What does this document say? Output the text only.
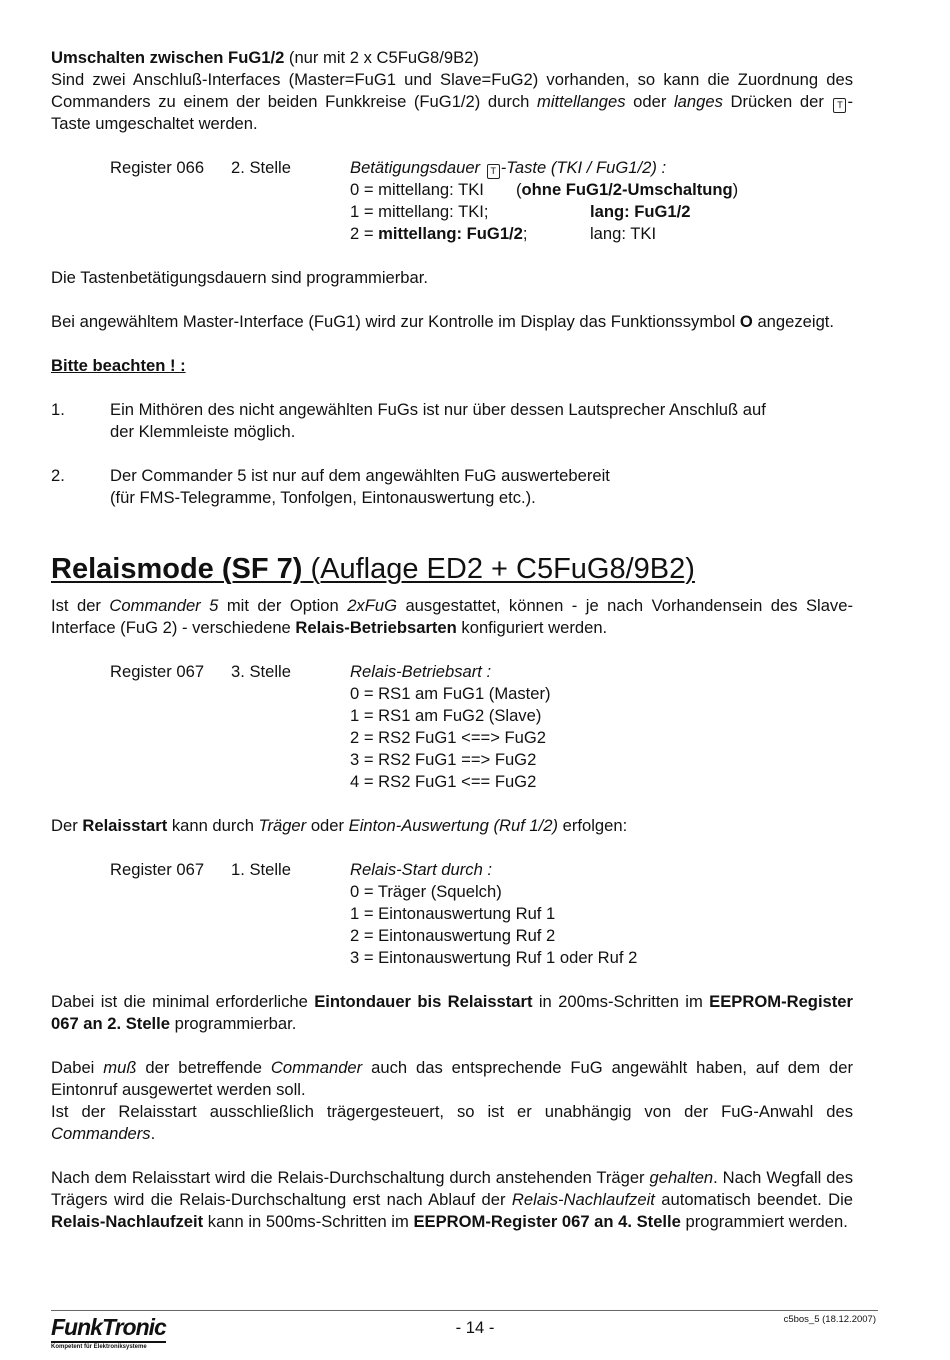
Umschalten zwischen FuG1/2 (nur mit 2 x C5FuG8/9B2)

Sind zwei Anschluß-Interfaces (Master=FuG1 und Slave=FuG2) vorhanden, so kann die Zuordnung des Commanders zu einem der beiden Funkkreise (FuG1/2) durch mittellanges oder langes Drücken der T -Taste umgeschaltet werden.

Register 066	2. Stelle	Betätigungsdauer T -Taste (TKI / FuG1/2) :

0 = mittellang: TKI	(ohne FuG1/2-Umschaltung)
1 = mittellang: TKI;	lang: FuG1/2
2 = mittellang: FuG1/2;	lang: TKI

Die Tastenbetätigungsdauern sind programmierbar.

Bei angewähltem Master-Interface (FuG1) wird zur Kontrolle im Display das Funktionssymbol O angezeigt.

Bitte beachten ! :

1.	Ein Mithören des nicht angewählten FuGs ist nur über dessen Lautsprecher Anschluß auf

der Klemmleiste möglich.

2.	Der Commander 5 ist nur auf dem angewählten FuG auswertebereit

(für FMS-Telegramme, Tonfolgen, Eintonauswertung etc.).

Relaismode (SF 7) (Auflage ED2 + C5FuG8/9B2)

Ist der Commander 5 mit der Option 2xFuG ausgestattet, können - je nach Vorhandensein des Slave-Interface (FuG 2) - verschiedene Relais-Betriebsarten konfiguriert werden.

Register 067	3. Stelle	Relais-Betriebsart :

0 = RS1 am FuG1 (Master)

1 = RS1 am FuG2 (Slave)

2 = RS2 FuG1 <==> FuG2

3 = RS2 FuG1 ==> FuG2

4 = RS2 FuG1 <== FuG2

Der Relaisstart kann durch Träger oder Einton-Auswertung (Ruf 1/2) erfolgen:

Register 067	1. Stelle	Relais-Start durch :

0 = Träger (Squelch)

1 = Eintonauswertung Ruf 1

2 = Eintonauswertung Ruf 2

3 = Eintonauswertung Ruf 1 oder Ruf 2

Dabei ist die minimal erforderliche Eintondauer bis Relaisstart in 200ms-Schritten im EEPROM-Register 067 an 2. Stelle programmierbar.

Dabei muß der betreffende Commander auch das entsprechende FuG angewählt haben, auf dem der Eintonruf ausgewertet werden soll.

Ist der Relaisstart ausschließlich trägergesteuert, so ist er unabhängig von der FuG-Anwahl des Commanders.

Nach dem Relaisstart wird die Relais-Durchschaltung durch anstehenden Träger gehalten. Nach Wegfall des Trägers wird die Relais-Durchschaltung erst nach Ablauf der Relais-Nachlaufzeit automatisch beendet. Die Relais-Nachlaufzeit kann in 500ms-Schritten im EEPROM-Register 067 an 4. Stelle programmiert werden.

FunkTronic
Kompetent für Elektroniksysteme
- 14 -	c5bos_5 (18.12.2007)
